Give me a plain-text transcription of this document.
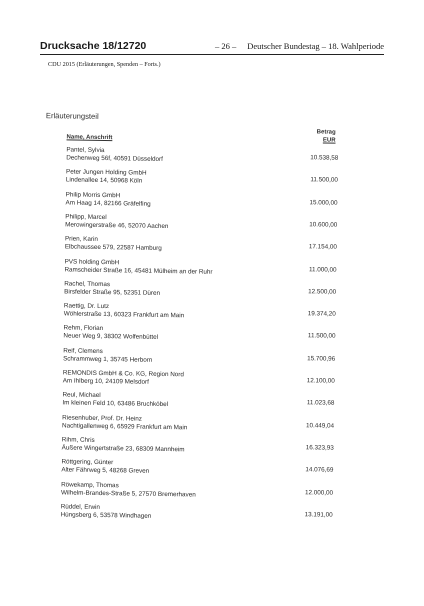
Drucksache 18/12720	– 26 – Deutscher Bundestag – 18. Wahlperiode
CDU 2015 (Erläuterungen, Spenden – Forts.)
Erläuterungsteil
Name, Anschrift
Betrag
EUR
Pantel, Sylvia
Dechenweg 56f, 40591 Düsseldorf	10.538,58
Peter Jungen Holding GmbH
Lindenallee 14, 50968 Köln	11.500,00
Philip Morris GmbH
Am Haag 14, 82166 Gräfelfing	15.000,00
Philipp, Marcel
Merowingerstraße 46, 52070 Aachen	10.600,00
Prien, Karin
Elbchaussee 579, 22587 Hamburg	17.154,00
PVS holding GmbH
Ramscheider Straße 16, 45481 Mülheim an der Ruhr	11.000,00
Rachel, Thomas
Birsfelder Straße 95, 52351 Düren	12.500,00
Raettig, Dr. Lutz
Wöhlerstraße 13, 60323 Frankfurt am Main	19.374,20
Rehm, Florian
Neuer Weg 9, 38302 Wolfenbüttel	11.500,00
Reif, Clemens
Schrammweg 1, 35745 Herborn	15.700,96
REMONDIS GmbH & Co. KG, Region Nord
Am Ihlberg 10, 24109 Melsdorf	12.100,00
Reul, Michael
Im kleinen Feld 10, 63486 Bruchköbel	11.023,68
Riesenhuber, Prof. Dr. Heinz
Nachtigallenweg 6, 65929 Frankfurt am Main	10.449,04
Rihm, Chris
Äußere Wingertstraße 23, 68309 Mannheim	16.323,93
Röttgering, Günter
Alter Fährweg 5, 48268 Greven	14.076,69
Röwekamp, Thomas
Wilhelm-Brandes-Straße 5, 27570 Bremerhaven	12.000,00
Rüddel, Erwin
Hüngsberg 6, 53578 Windhagen	13.191,00
